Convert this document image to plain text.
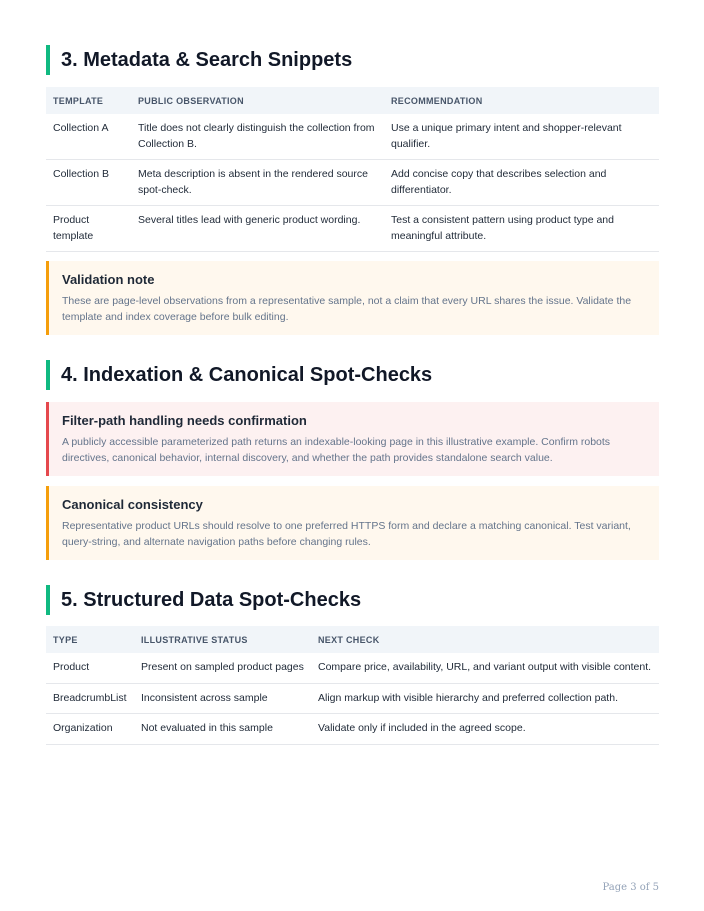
3. Metadata & Search Snippets
TEMPLATE	PUBLIC OBSERVATION	RECOMMENDATION
Collection A	Title does not clearly distinguish the collection from Collection B.	Use a unique primary intent and shopper-relevant qualifier.
Collection B	Meta description is absent in the rendered source spot-check.	Add concise copy that describes selection and differentiator.
Product template	Several titles lead with generic product wording.	Test a consistent pattern using product type and meaningful attribute.
Validation note
These are page-level observations from a representative sample, not a claim that every URL shares the issue. Validate the template and index coverage before bulk editing.
4. Indexation & Canonical Spot-Checks
Filter-path handling needs confirmation
A publicly accessible parameterized path returns an indexable-looking page in this illustrative example. Confirm robots directives, canonical behavior, internal discovery, and whether the path provides standalone search value.
Canonical consistency
Representative product URLs should resolve to one preferred HTTPS form and declare a matching canonical. Test variant, query-string, and alternate navigation paths before changing rules.
5. Structured Data Spot-Checks
TYPE	ILLUSTRATIVE STATUS	NEXT CHECK
Product	Present on sampled product pages	Compare price, availability, URL, and variant output with visible content.
BreadcrumbList	Inconsistent across sample	Align markup with visible hierarchy and preferred collection path.
Organization	Not evaluated in this sample	Validate only if included in the agreed scope.
Page 3 of 5
